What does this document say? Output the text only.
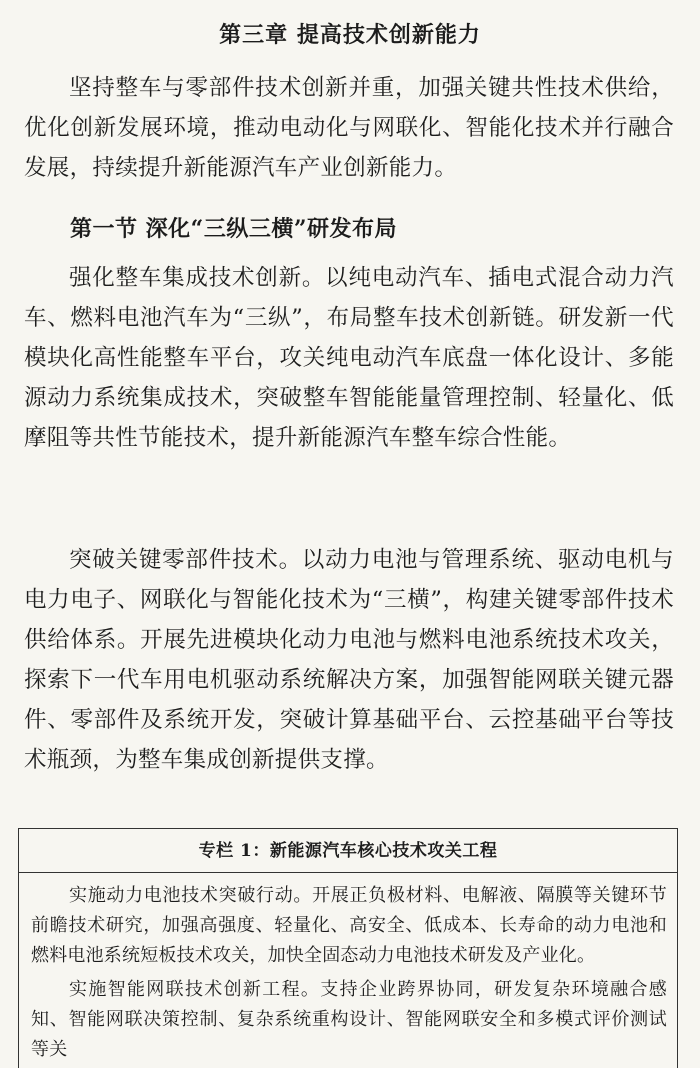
第三章 提高技术创新能力
坚持整车与零部件技术创新并重，加强关键共性技术供给，优化创新发展环境，推动电动化与网联化、智能化技术并行融合发展，持续提升新能源汽车产业创新能力。
第一节 深化“三纵三横”研发布局
强化整车集成技术创新。以纯电动汽车、插电式混合动力汽车、燃料电池汽车为“三纵”，布局整车技术创新链。研发新一代模块化高性能整车平台，攻关纯电动汽车底盘一体化设计、多能源动力系统集成技术，突破整车智能能量管理控制、轻量化、低摩阻等共性节能技术，提升新能源汽车整车综合性能。
突破关键零部件技术。以动力电池与管理系统、驱动电机与电力电子、网联化与智能化技术为“三横”，构建关键零部件技术供给体系。开展先进模块化动力电池与燃料电池系统技术攻关，探索下一代车用电机驱动系统解决方案，加强智能网联关键元器件、零部件及系统开发，突破计算基础平台、云控基础平台等技术瓶颈，为整车集成创新提供支撑。
专栏 1：新能源汽车核心技术攻关工程
实施动力电池技术突破行动。开展正负极材料、电解液、隔膜等关键环节前瞻技术研究，加强高强度、轻量化、高安全、低成本、长寿命的动力电池和燃料电池系统短板技术攻关，加快全固态动力电池技术研发及产业化。
实施智能网联技术创新工程。支持企业跨界协同，研发复杂环境融合感知、智能网联决策控制、复杂系统重构设计、智能网联安全和多模式评价测试等关
